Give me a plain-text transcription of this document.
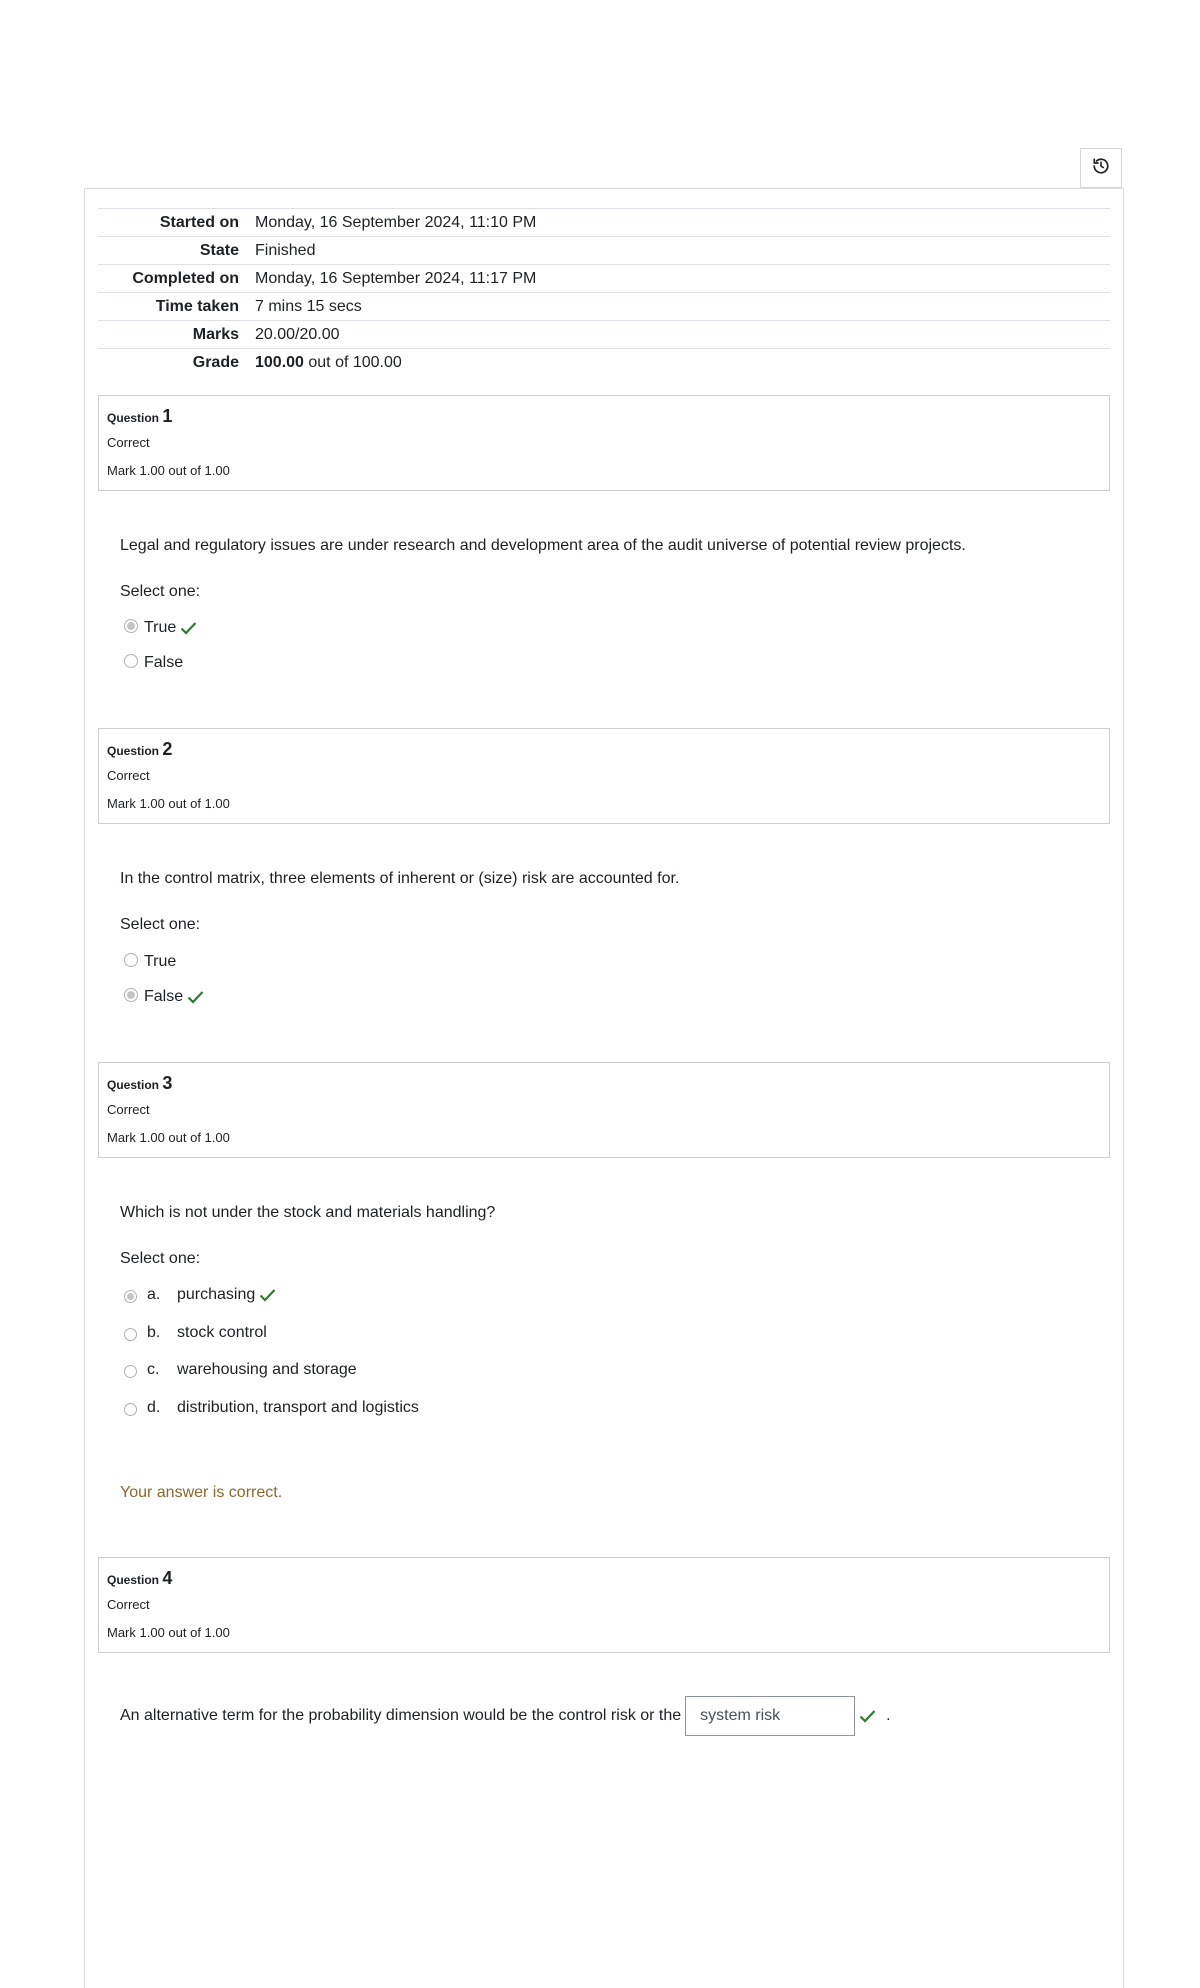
Started on	Monday, 16 September 2024, 11:10 PM
State	Finished
Completed on	Monday, 16 September 2024, 11:17 PM
Time taken	7 mins 15 secs
Marks	20.00/20.00
Grade	100.00 out of 100.00
Question 1
Correct
Mark 1.00 out of 1.00
Legal and regulatory issues are under research and development area of the audit universe of potential review projects.
Select one:
True
False
Question 2
Correct
Mark 1.00 out of 1.00
In the control matrix, three elements of inherent or (size) risk are accounted for.
Select one:
True
False
Question 3
Correct
Mark 1.00 out of 1.00
Which is not under the stock and materials handling?
Select one:
a.	purchasing
b.	stock control
c.	warehousing and storage
d.	distribution, transport and logistics
Your answer is correct.
Question 4
Correct
Mark 1.00 out of 1.00
An alternative term for the probability dimension would be the control risk or the	system risk	.
